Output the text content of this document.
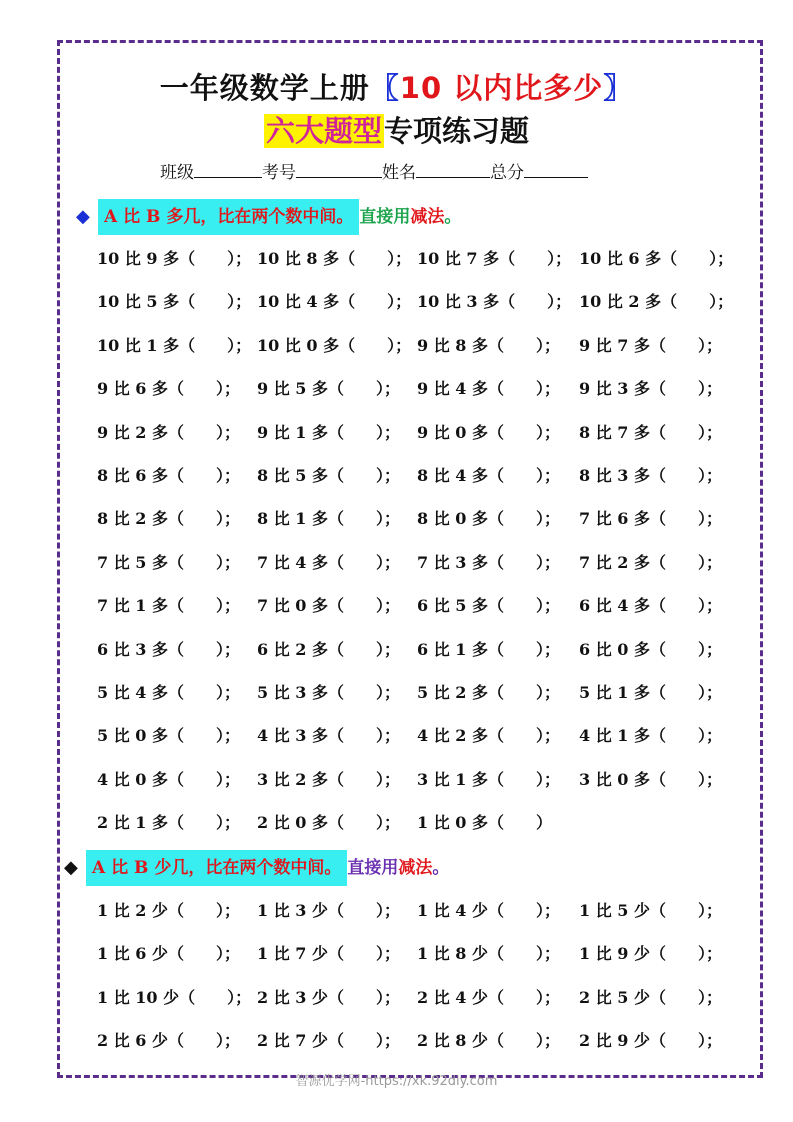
一年级数学上册〖10 以内比多少〗
六大题型专项练习题
班级	考号	姓名	总分
◆ A 比 B 多几，比在两个数中间。 直接用减法。
10 比 9 多（　　）； 10 比 8 多（　　）； 10 比 7 多（　　）； 10 比 6 多（　　）；
10 比 5 多（　　）； 10 比 4 多（　　）； 10 比 3 多（　　）； 10 比 2 多（　　）；
10 比 1 多（　　）； 10 比 0 多（　　）； 9 比 8 多（　　）； 9 比 7 多（　　）；
9 比 6 多（　　）； 9 比 5 多（　　）； 9 比 4 多（　　）； 9 比 3 多（　　）；
9 比 2 多（　　）； 9 比 1 多（　　）； 9 比 0 多（　　）； 8 比 7 多（　　）；
8 比 6 多（　　）； 8 比 5 多（　　）； 8 比 4 多（　　）； 8 比 3 多（　　）；
8 比 2 多（　　）； 8 比 1 多（　　）； 8 比 0 多（　　）； 7 比 6 多（　　）；
7 比 5 多（　　）； 7 比 4 多（　　）； 7 比 3 多（　　）； 7 比 2 多（　　）；
7 比 1 多（　　）； 7 比 0 多（　　）； 6 比 5 多（　　）； 6 比 4 多（　　）；
6 比 3 多（　　）； 6 比 2 多（　　）； 6 比 1 多（　　）； 6 比 0 多（　　）；
5 比 4 多（　　）； 5 比 3 多（　　）； 5 比 2 多（　　）； 5 比 1 多（　　）；
5 比 0 多（　　）； 4 比 3 多（　　）； 4 比 2 多（　　）； 4 比 1 多（　　）；
4 比 0 多（　　）； 3 比 2 多（　　）； 3 比 1 多（　　）； 3 比 0 多（　　）；
2 比 1 多（　　）； 2 比 0 多（　　）； 1 比 0 多（　　）
◆ A 比 B 少几，比在两个数中间。 直接用减法。
1 比 2 少（　　）； 1 比 3 少（　　）； 1 比 4 少（　　）； 1 比 5 少（　　）；
1 比 6 少（　　）； 1 比 7 少（　　）； 1 比 8 少（　　）； 1 比 9 少（　　）；
1 比 10 少（　　）； 2 比 3 少（　　）； 2 比 4 少（　　）； 2 比 5 少（　　）；
2 比 6 少（　　）； 2 比 7 少（　　）； 2 比 8 少（　　）； 2 比 9 少（　　）；
智源优学网-https://xk.92diy.com
